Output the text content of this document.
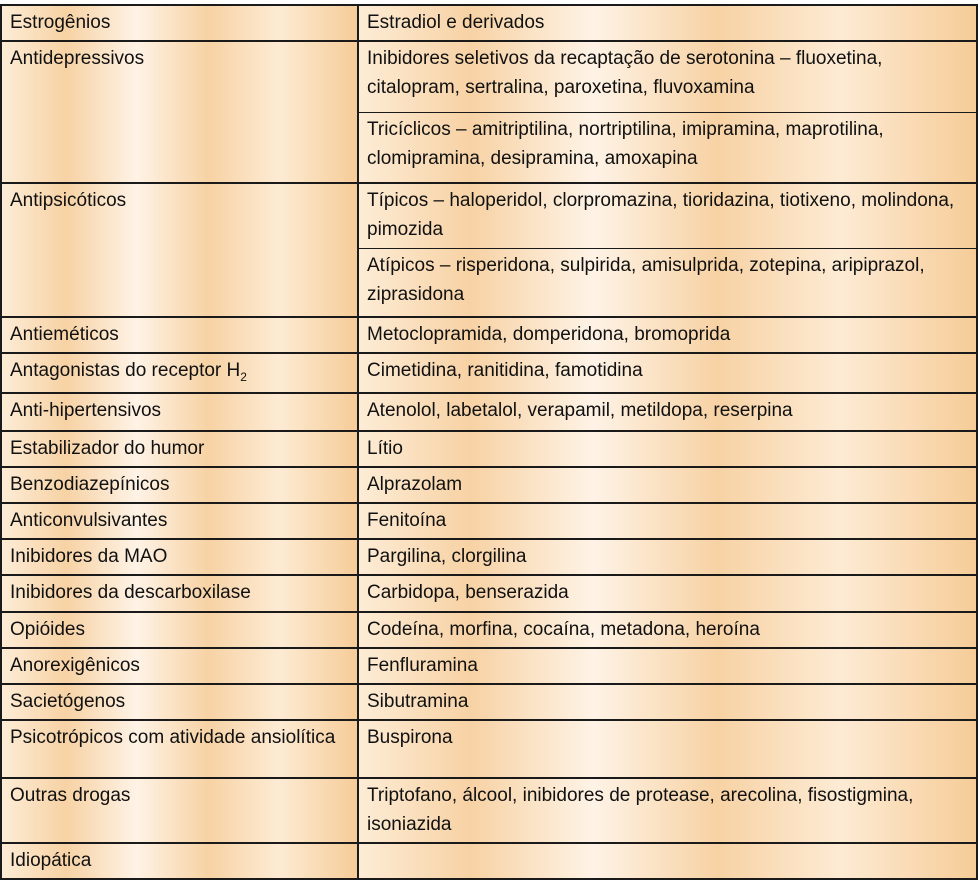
Estrogênios	Estradiol e derivados
Antidepressivos		Inibidores seletivos da recaptação de serotonina – fluoxetina, citalopram, sertralina, paroxetina, fluvoxamina
Tricíclicos – amitriptilina, nortriptilina, imipramina, maprotilina, clomipramina, desipramina, amoxapina

Antipsicóticos		Típicos – haloperidol, clorpromazina, tioridazina, tiotixeno, molindona, pimozida
Atípicos – risperidona, sulpirida, amisulprida, zotepina, aripiprazol, ziprasidona

Antieméticos	Metoclopramida, domperidona, bromoprida
Antagonistas do receptor $H_2$	Cimetidina, ranitidina, famotidina
Anti-hipertensivos	Atenolol, labetalol, verapamil, metildopa, reserpina
Estabilizador do humor	Lítio
Benzodiazepínicos	Alprazolam
Anticonvulsivantes	Fenitoína
Inibidores da MAO	Pargilina, clorgilina
Inibidores da descarboxilase	Carbidopa, benserazida
Opióides	Codeína, morfina, cocaína, metadona, heroína
Anorexigênicos	Fenfluramina
Sacietógenos	Sibutramina
Psicotrópicos com atividade ansiolítica	Buspirona
Outras drogas	Triptofano, álcool, inibidores de protease, arecolina, fisostigmina, isoniazida
Idiopática	
